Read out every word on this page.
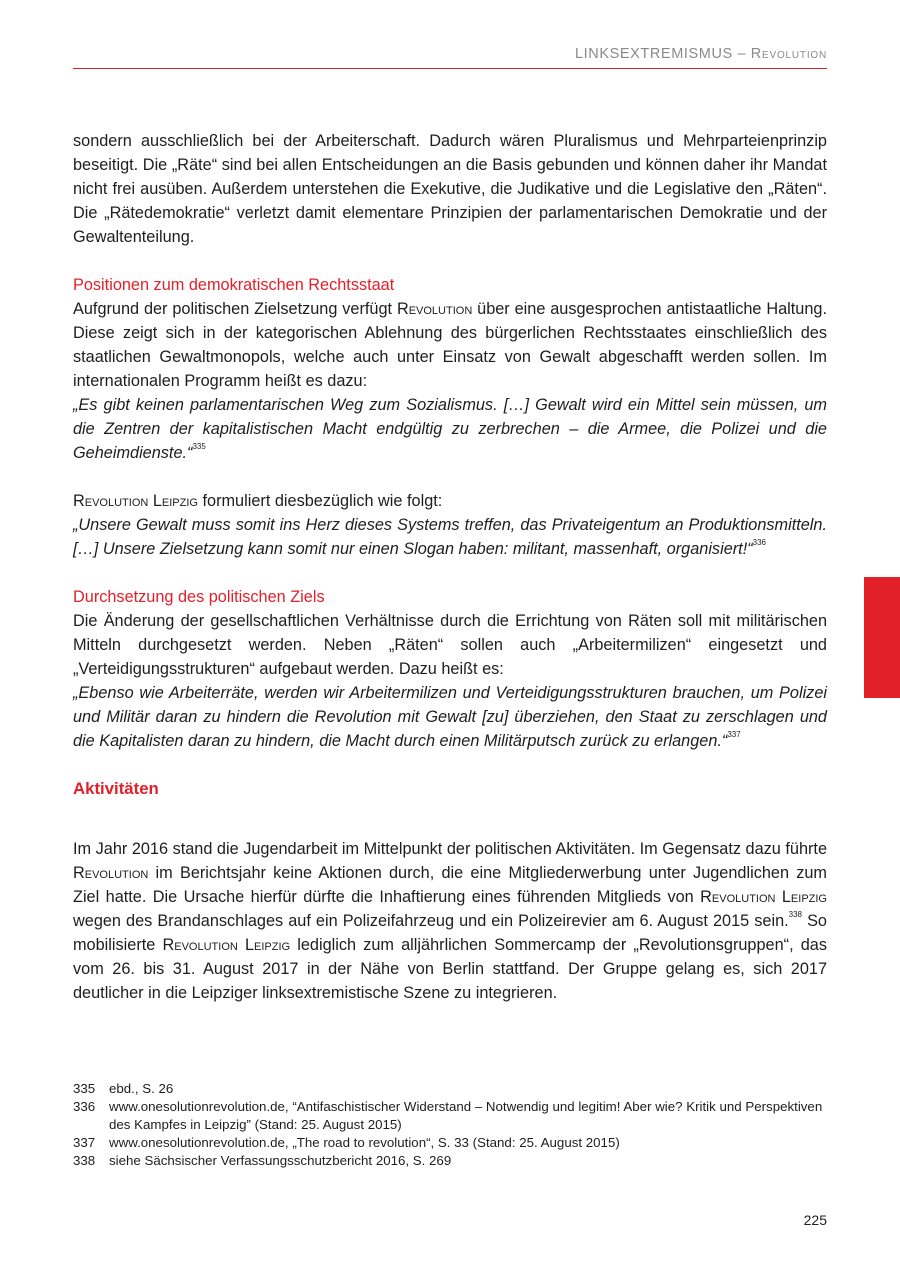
LINKSEXTREMISMUS – Revolution

sondern ausschließlich bei der Arbeiterschaft. Dadurch wären Pluralismus und Mehrparteienprinzip beseitigt. Die „Räte“ sind bei allen Entscheidungen an die Basis gebunden und können daher ihr Mandat nicht frei ausüben. Außerdem unterstehen die Exekutive, die Judikative und die Legislative den „Räten“. Die „Rätedemokratie“ verletzt damit elementare Prinzipien der parlamentarischen Demokratie und der Gewaltenteilung.

Positionen zum demokratischen Rechtsstaat

Aufgrund der politischen Zielsetzung verfügt Revolution über eine ausgesprochen antistaatliche Haltung. Diese zeigt sich in der kategorischen Ablehnung des bürgerlichen Rechtsstaates einschließlich des staatlichen Gewaltmonopols, welche auch unter Einsatz von Gewalt abgeschafft werden sollen. Im internationalen Programm heißt es dazu:

„Es gibt keinen parlamentarischen Weg zum Sozialismus. […] Gewalt wird ein Mittel sein müssen, um die Zentren der kapitalistischen Macht endgültig zu zerbrechen – die Armee, die Polizei und die Geheimdienste.“$^{335}$

Revolution Leipzig formuliert diesbezüglich wie folgt:

„Unsere Gewalt muss somit ins Herz dieses Systems treffen, das Privateigentum an Produktionsmitteln. […] Unsere Zielsetzung kann somit nur einen Slogan haben: militant, massenhaft, organisiert!“$^{336}$

Durchsetzung des politischen Ziels

Die Änderung der gesellschaftlichen Verhältnisse durch die Errichtung von Räten soll mit militärischen Mitteln durchgesetzt werden. Neben „Räten“ sollen auch „Arbeitermilizen“ eingesetzt und „Verteidigungsstrukturen“ aufgebaut werden. Dazu heißt es:

„Ebenso wie Arbeiterräte, werden wir Arbeitermilizen und Verteidigungsstrukturen brauchen, um Polizei und Militär daran zu hindern die Revolution mit Gewalt [zu] überziehen, den Staat zu zerschlagen und die Kapitalisten daran zu hindern, die Macht durch einen Militärputsch zurück zu erlangen.“$^{337}$

Aktivitäten

Im Jahr 2016 stand die Jugendarbeit im Mittelpunkt der politischen Aktivitäten. Im Gegensatz dazu führte Revolution im Berichtsjahr keine Aktionen durch, die eine Mitgliederwerbung unter Jugendlichen zum Ziel hatte. Die Ursache hierfür dürfte die Inhaftierung eines führenden Mitglieds von Revolution Leipzig wegen des Brandanschlages auf ein Polizeifahrzeug und ein Polizeirevier am 6. August 2015 sein.$^{338}$ So mobilisierte Revolution Leipzig lediglich zum alljährlichen Sommercamp der „Revolutionsgruppen“, das vom 26. bis 31. August 2017 in der Nähe von Berlin stattfand. Der Gruppe gelang es, sich 2017 deutlicher in die Leipziger linksextremistische Szene zu integrieren.

335	ebd., S. 26
336	www.onesolutionrevolution.de, “Antifaschistischer Widerstand – Notwendig und legitim! Aber wie? Kritik und Perspektiven des Kampfes in Leipzig” (Stand: 25. August 2015)
337	www.onesolutionrevolution.de, „The road to revolution“, S. 33 (Stand: 25. August 2015)
338	siehe Sächsischer Verfassungsschutzbericht 2016, S. 269
225
